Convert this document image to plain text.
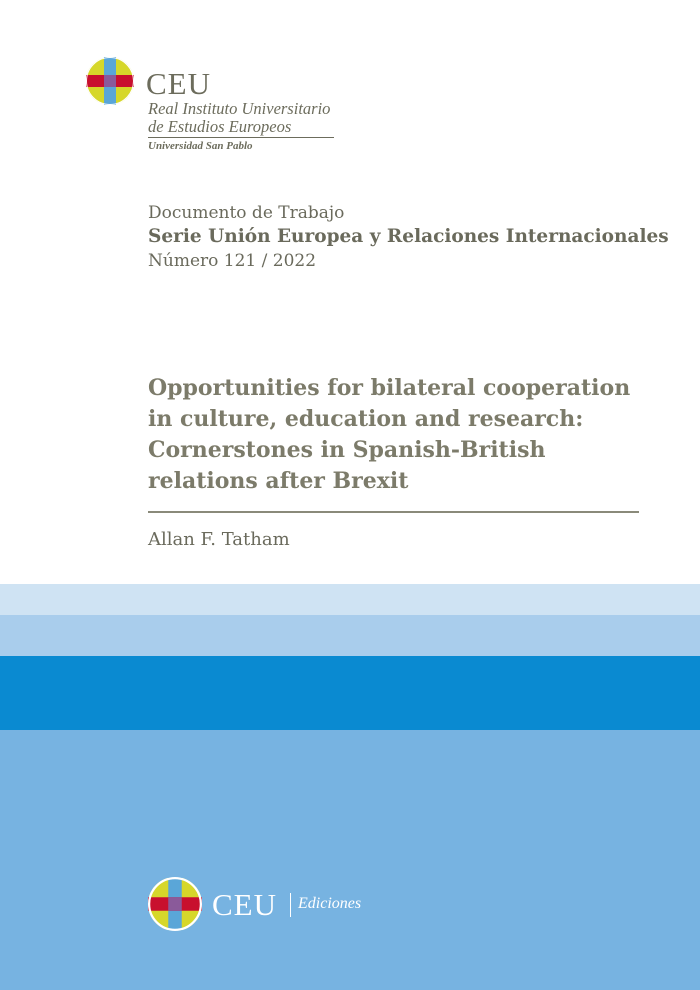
CEU
Real Instituto Universitario
de Estudios Europeos
Universidad San Pablo
Documento de Trabajo
Serie Unión Europea y Relaciones Internacionales
Número 121 / 2022
Opportunities for bilateral cooperation
in culture, education and research:
Cornerstones in Spanish-British
relations after Brexit
Allan F. Tatham
CEU Ediciones
